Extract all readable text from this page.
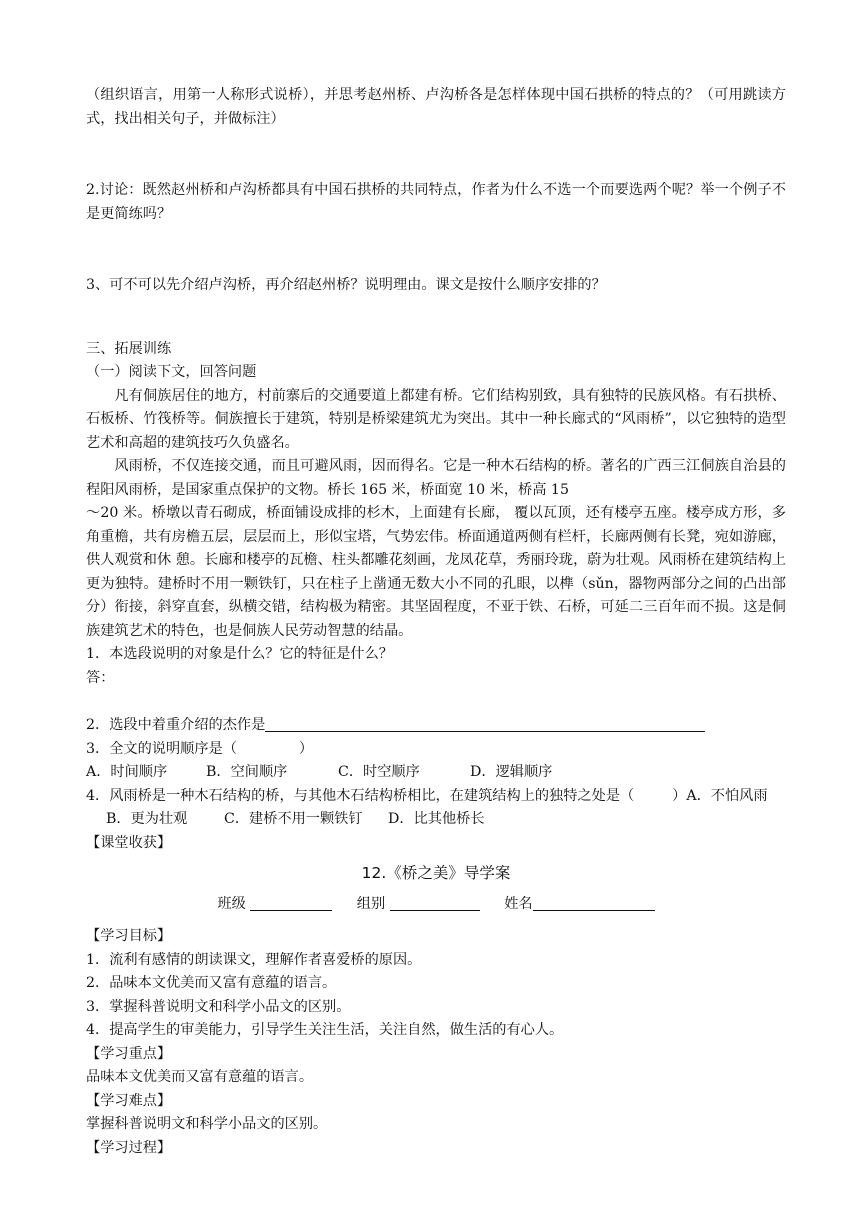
（组织语言，用第一人称形式说桥），并思考赵州桥、卢沟桥各是怎样体现中国石拱桥的特点的？（可用跳读方式，找出相关句子，并做标注）

2.讨论：既然赵州桥和卢沟桥都具有中国石拱桥的共同特点，作者为什么不选一个而要选两个呢？举一个例子不是更简练吗？

3、可不可以先介绍卢沟桥，再介绍赵州桥？说明理由。课文是按什么顺序安排的？

三、拓展训练

（一）阅读下文，回答问题

凡有侗族居住的地方，村前寨后的交通要道上都建有桥。它们结构别致，具有独特的民族风格。有石拱桥、石板桥、竹筏桥等。侗族擅长于建筑，特别是桥梁建筑尤为突出。其中一种长廊式的“风雨桥”，以它独特的造型艺术和高超的建筑技巧久负盛名。

风雨桥，不仅连接交通，而且可避风雨，因而得名。它是一种木石结构的桥。著名的广西三江侗族自治县的程阳风雨桥，是国家重点保护的文物。桥长 165 米，桥面宽 10 米，桥高 15

～20 米。桥墩以青石砌成，桥面铺设成排的杉木，上面建有长廊， 覆以瓦顶，还有楼亭五座。楼亭成方形，多角重檐，共有房檐五层，层层而上，形似宝塔，气势宏伟。桥面通道两侧有栏杆，长廊两侧有长凳，宛如游廊，供人观赏和休 憩。长廊和楼亭的瓦檐、柱头都雕花刻画，龙凤花草，秀丽玲珑，蔚为壮观。风雨桥在建筑结构上更为独特。建桥时不用一颗铁钉，只在柱子上凿通无数大小不同的孔眼，以榫（sǔn，器物两部分之间的凸出部分）衔接，斜穿直套，纵横交错，结构极为精密。其坚固程度，不亚于铁、石桥，可延二三百年而不损。这是侗族建筑艺术的特色，也是侗族人民劳动智慧的结晶。

1．本选段说明的对象是什么？它的特征是什么？

答：

2．选段中着重介绍的杰作是

3．全文的说明顺序是（	）

A．时间顺序	B．空间顺序	C．时空顺序	D．逻辑顺序

4．风雨桥是一种木石结构的桥，与其他木石结构桥相比，在建筑结构上的独特之处是（	）A．不怕风雨B．更为壮观	C．建桥不用一颗铁钉 D．比其他桥长

【课堂收获】

12.《桥之美》导学案
班级	组别	姓名

【学习目标】

1．流利有感情的朗读课文，理解作者喜爱桥的原因。

2．品味本文优美而又富有意蕴的语言。

3．掌握科普说明文和科学小品文的区别。

4．提高学生的审美能力，引导学生关注生活，关注自然，做生活的有心人。

【学习重点】

品味本文优美而又富有意蕴的语言。

【学习难点】

掌握科普说明文和科学小品文的区别。

【学习过程】
